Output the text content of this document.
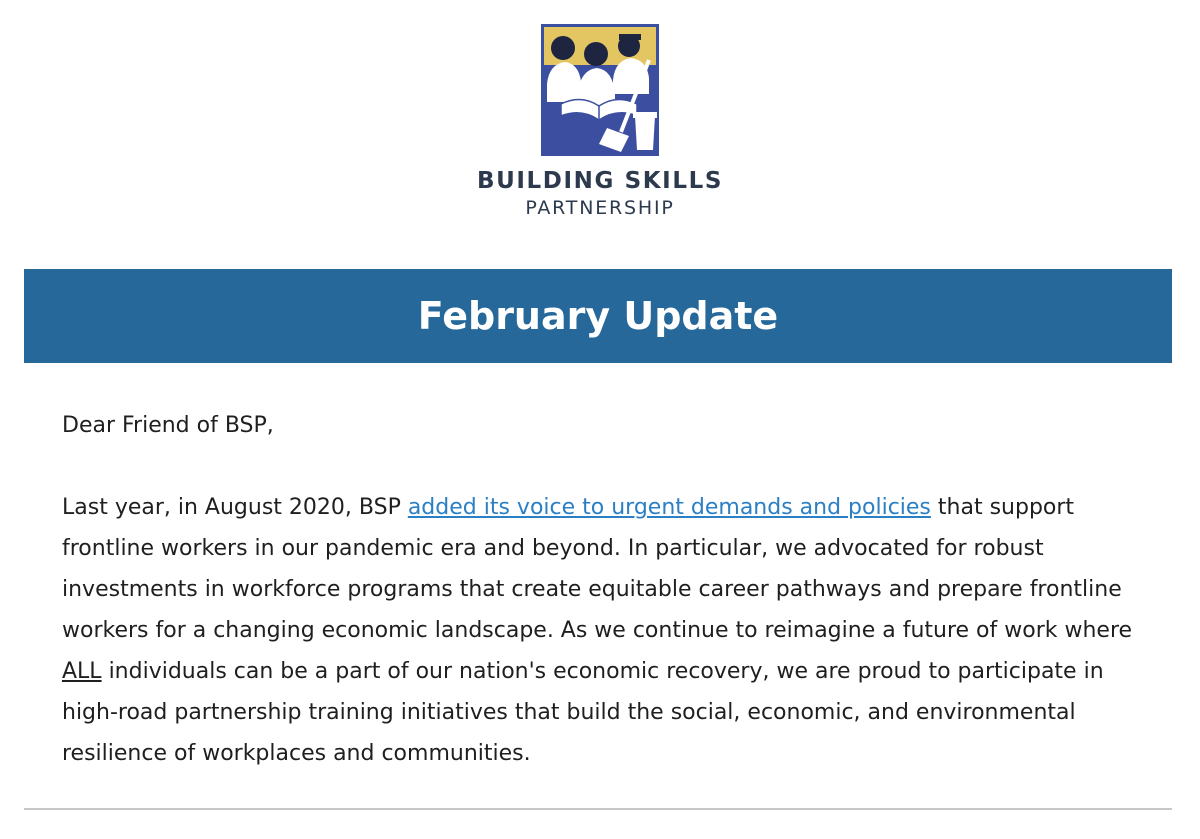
BUILDING SKILLS
PARTNERSHIP
February Update

Dear Friend of BSP,

Last year, in August 2020, BSP added its voice to urgent demands and policies that support frontline workers in our pandemic era and beyond. In particular, we advocated for robust investments in workforce programs that create equitable career pathways and prepare frontline workers for a changing economic landscape. As we continue to reimagine a future of work where ALL individuals can be a part of our nation's economic recovery, we are proud to participate in high-road partnership training initiatives that build the social, economic, and environmental resilience of workplaces and communities.
